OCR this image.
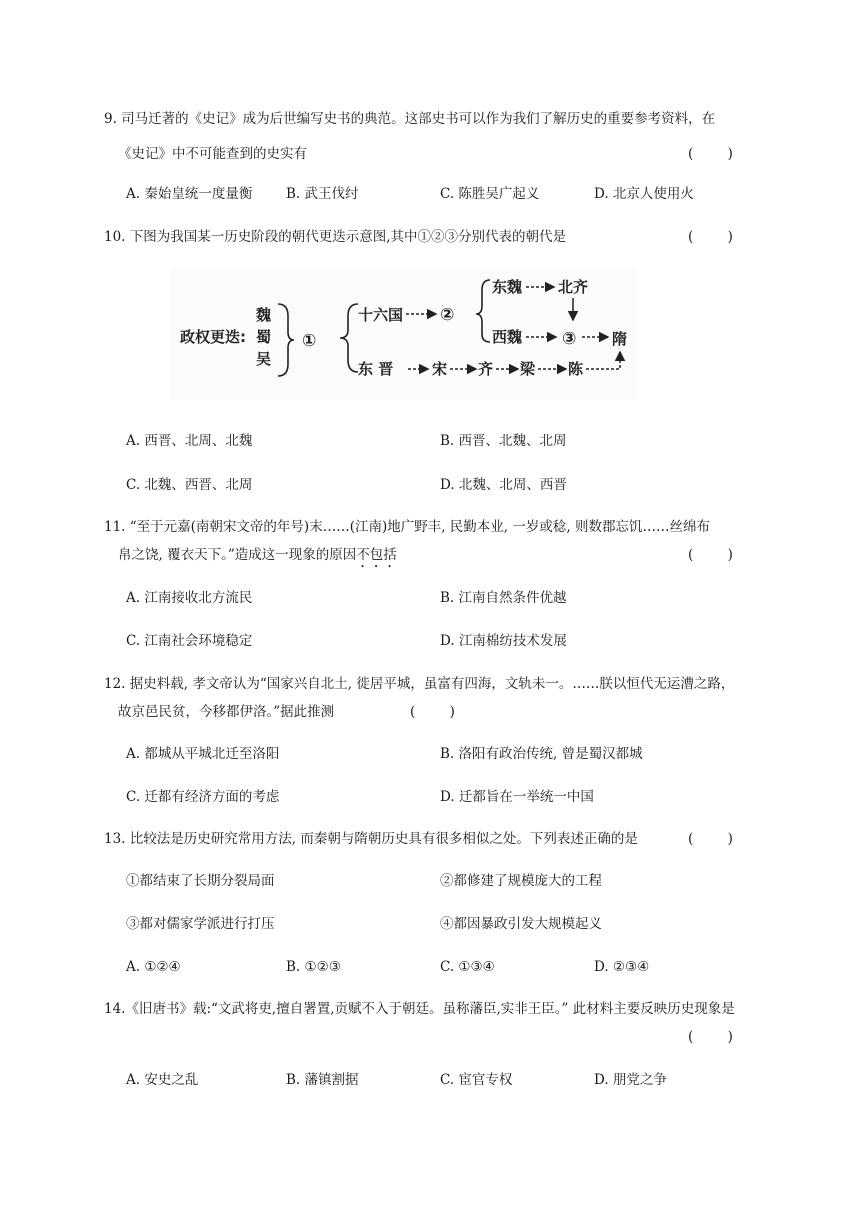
9. 司马迁著的《史记》成为后世编写史书的典范。这部史书可以作为我们了解历史的重要参考资料，在
《史记》中不可能查到的史实有	(        )
A. 秦始皇统一度量衡 B. 武王伐纣	C. 陈胜吴广起义	D. 北京人使用火
10. 下图为我国某一历史阶段的朝代更迭示意图,其中①②③分别代表的朝代是	(        )
政权更迭:
魏
蜀
吴
①
十六国 ②
东魏 北齐
西魏 ③ 隋
东 晋	宋 齐 梁 陈
A. 西晋、北周、北魏	B. 西晋、北魏、北周
C. 北魏、西晋、北周	D. 北魏、北周、西晋
11. “至于元嘉(南朝宋文帝的年号)末……(江南)地广野丰, 民勤本业, 一岁或稔, 则数郡忘饥……丝绵布
帛之饶, 覆衣天下。”造成这一现象的原因不包括	(        )
A. 江南接收北方流民	B. 江南自然条件优越
C. 江南社会环境稳定	D. 江南棉纺技术发展
12. 据史料载, 孝文帝认为“国家兴自北土, 徙居平城，虽富有四海，文轨未一。……朕以恒代无运漕之路，
故京邑民贫，今移都伊洛。”据此推测	(        )
A. 都城从平城北迁至洛阳	B. 洛阳有政治传统, 曾是蜀汉都城
C. 迁都有经济方面的考虑	D. 迁都旨在一举统一中国
13. 比较法是历史研究常用方法, 而秦朝与隋朝历史具有很多相似之处。下列表述正确的是	(        )
①都结束了长期分裂局面	②都修建了规模庞大的工程
③都对儒家学派进行打压	④都因暴政引发大规模起义
A. ①②④	B. ①②③	C. ①③④	D. ②③④
14.《旧唐书》载:“文武将吏,擅自署置,贡赋不入于朝廷。虽称藩臣,实非王臣。” 此材料主要反映历史现象是
(        )
A. 安史之乱	B. 藩镇割据	C. 宦官专权	D. 朋党之争
